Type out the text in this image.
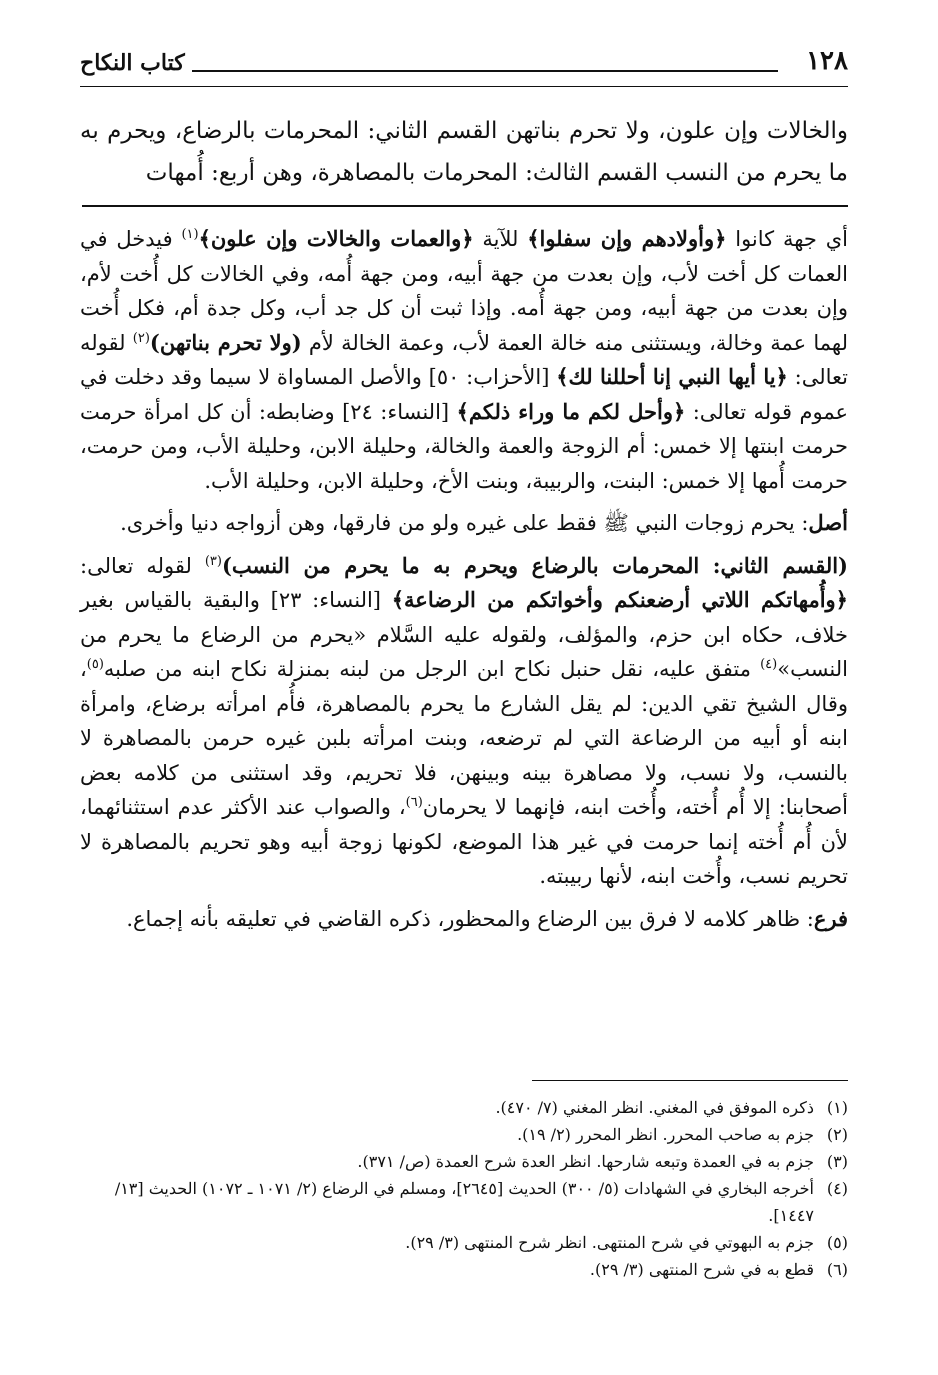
١٢٨
كتاب النكاح

والخالات وإن علون، ولا تحرم بناتهن القسم الثاني: المحرمات بالرضاع، ويحرم به ما يحرم من النسب القسم الثالث: المحرمات بالمصاهرة، وهن أربع: أُمهات

أي جهة كانوا ﴿وأولادهم وإن سفلوا﴾ للآية ﴿والعمات والخالات وإن علون﴾$^{(١)}$ فيدخل في العمات كل أخت لأب، وإن بعدت من جهة أبيه، ومن جهة أُمه، وفي الخالات كل أُخت لأم، وإن بعدت من جهة أبيه، ومن جهة أُمه. وإذا ثبت أن كل جد أب، وكل جدة أم، فكل أُخت لهما عمة وخالة، ويستثنى منه خالة العمة لأب، وعمة الخالة لأم (ولا تحرم بناتهن)$^{(٢)}$ لقوله تعالى: ﴿يا أيها النبي إنا أحللنا لك﴾ [الأحزاب: ٥٠] والأصل المساواة لا سيما وقد دخلت في عموم قوله تعالى: ﴿وأحل لكم ما وراء ذلكم﴾ [النساء: ٢٤] وضابطه: أن كل امرأة حرمت حرمت ابنتها إلا خمس: أم الزوجة والعمة والخالة، وحليلة الابن، وحليلة الأب، ومن حرمت، حرمت أُمها إلا خمس: البنت، والربيبة، وبنت الأخ، وحليلة الابن، وحليلة الأب.

أصل: يحرم زوجات النبي ﷺ فقط على غيره ولو من فارقها، وهن أزواجه دنيا وأخرى.

(القسم الثاني: المحرمات بالرضاع ويحرم به ما يحرم من النسب)$^{(٣)}$ لقوله تعالى: ﴿وأُمهاتكم اللاتي أرضعنكم وأخواتكم من الرضاعة﴾ [النساء: ٢٣] والبقية بالقياس بغير خلاف، حكاه ابن حزم، والمؤلف، ولقوله عليه السَّلام «يحرم من الرضاع ما يحرم من النسب»$^{(٤)}$ متفق عليه، نقل حنبل نكاح ابن الرجل من لبنه بمنزلة نكاح ابنه من صلبه$^{(٥)}$، وقال الشيخ تقي الدين: لم يقل الشارع ما يحرم بالمصاهرة، فأُم امرأته برضاع، وامرأة ابنه أو أبيه من الرضاعة التي لم ترضعه، وبنت امرأته بلبن غيره حرمن بالمصاهرة لا بالنسب، ولا نسب، ولا مصاهرة بينه وبينهن، فلا تحريم، وقد استثنى من كلامه بعض أصحابنا: إلا أُم أُخته، وأُخت ابنه، فإنهما لا يحرمان$^{(٦)}$، والصواب عند الأكثر عدم استثنائهما، لأن أُم أُخته إنما حرمت في غير هذا الموضع، لكونها زوجة أبيه وهو تحريم بالمصاهرة لا تحريم نسب، وأُخت ابنه، لأنها ربيبته.

فرع: ظاهر كلامه لا فرق بين الرضاع والمحظور، ذكره القاضي في تعليقه بأنه إجماع.

(١)
ذكره الموفق في المغني. انظر المغني (٧/ ٤٧٠).
(٢)
جزم به صاحب المحرر. انظر المحرر (٢/ ١٩).
(٣)
جزم به في العمدة وتبعه شارحها. انظر العدة شرح العمدة (ص/ ٣٧١).
(٤)
أخرجه البخاري في الشهادات (٥/ ٣٠٠) الحديث [٢٦٤٥]، ومسلم في الرضاع (٢/ ١٠٧١ ـ ١٠٧٢) الحديث [١٣/ ١٤٤٧].
(٥)
جزم به البهوتي في شرح المنتهى. انظر شرح المنتهى (٣/ ٢٩).
(٦)
قطع به في شرح المنتهى (٣/ ٢٩).
